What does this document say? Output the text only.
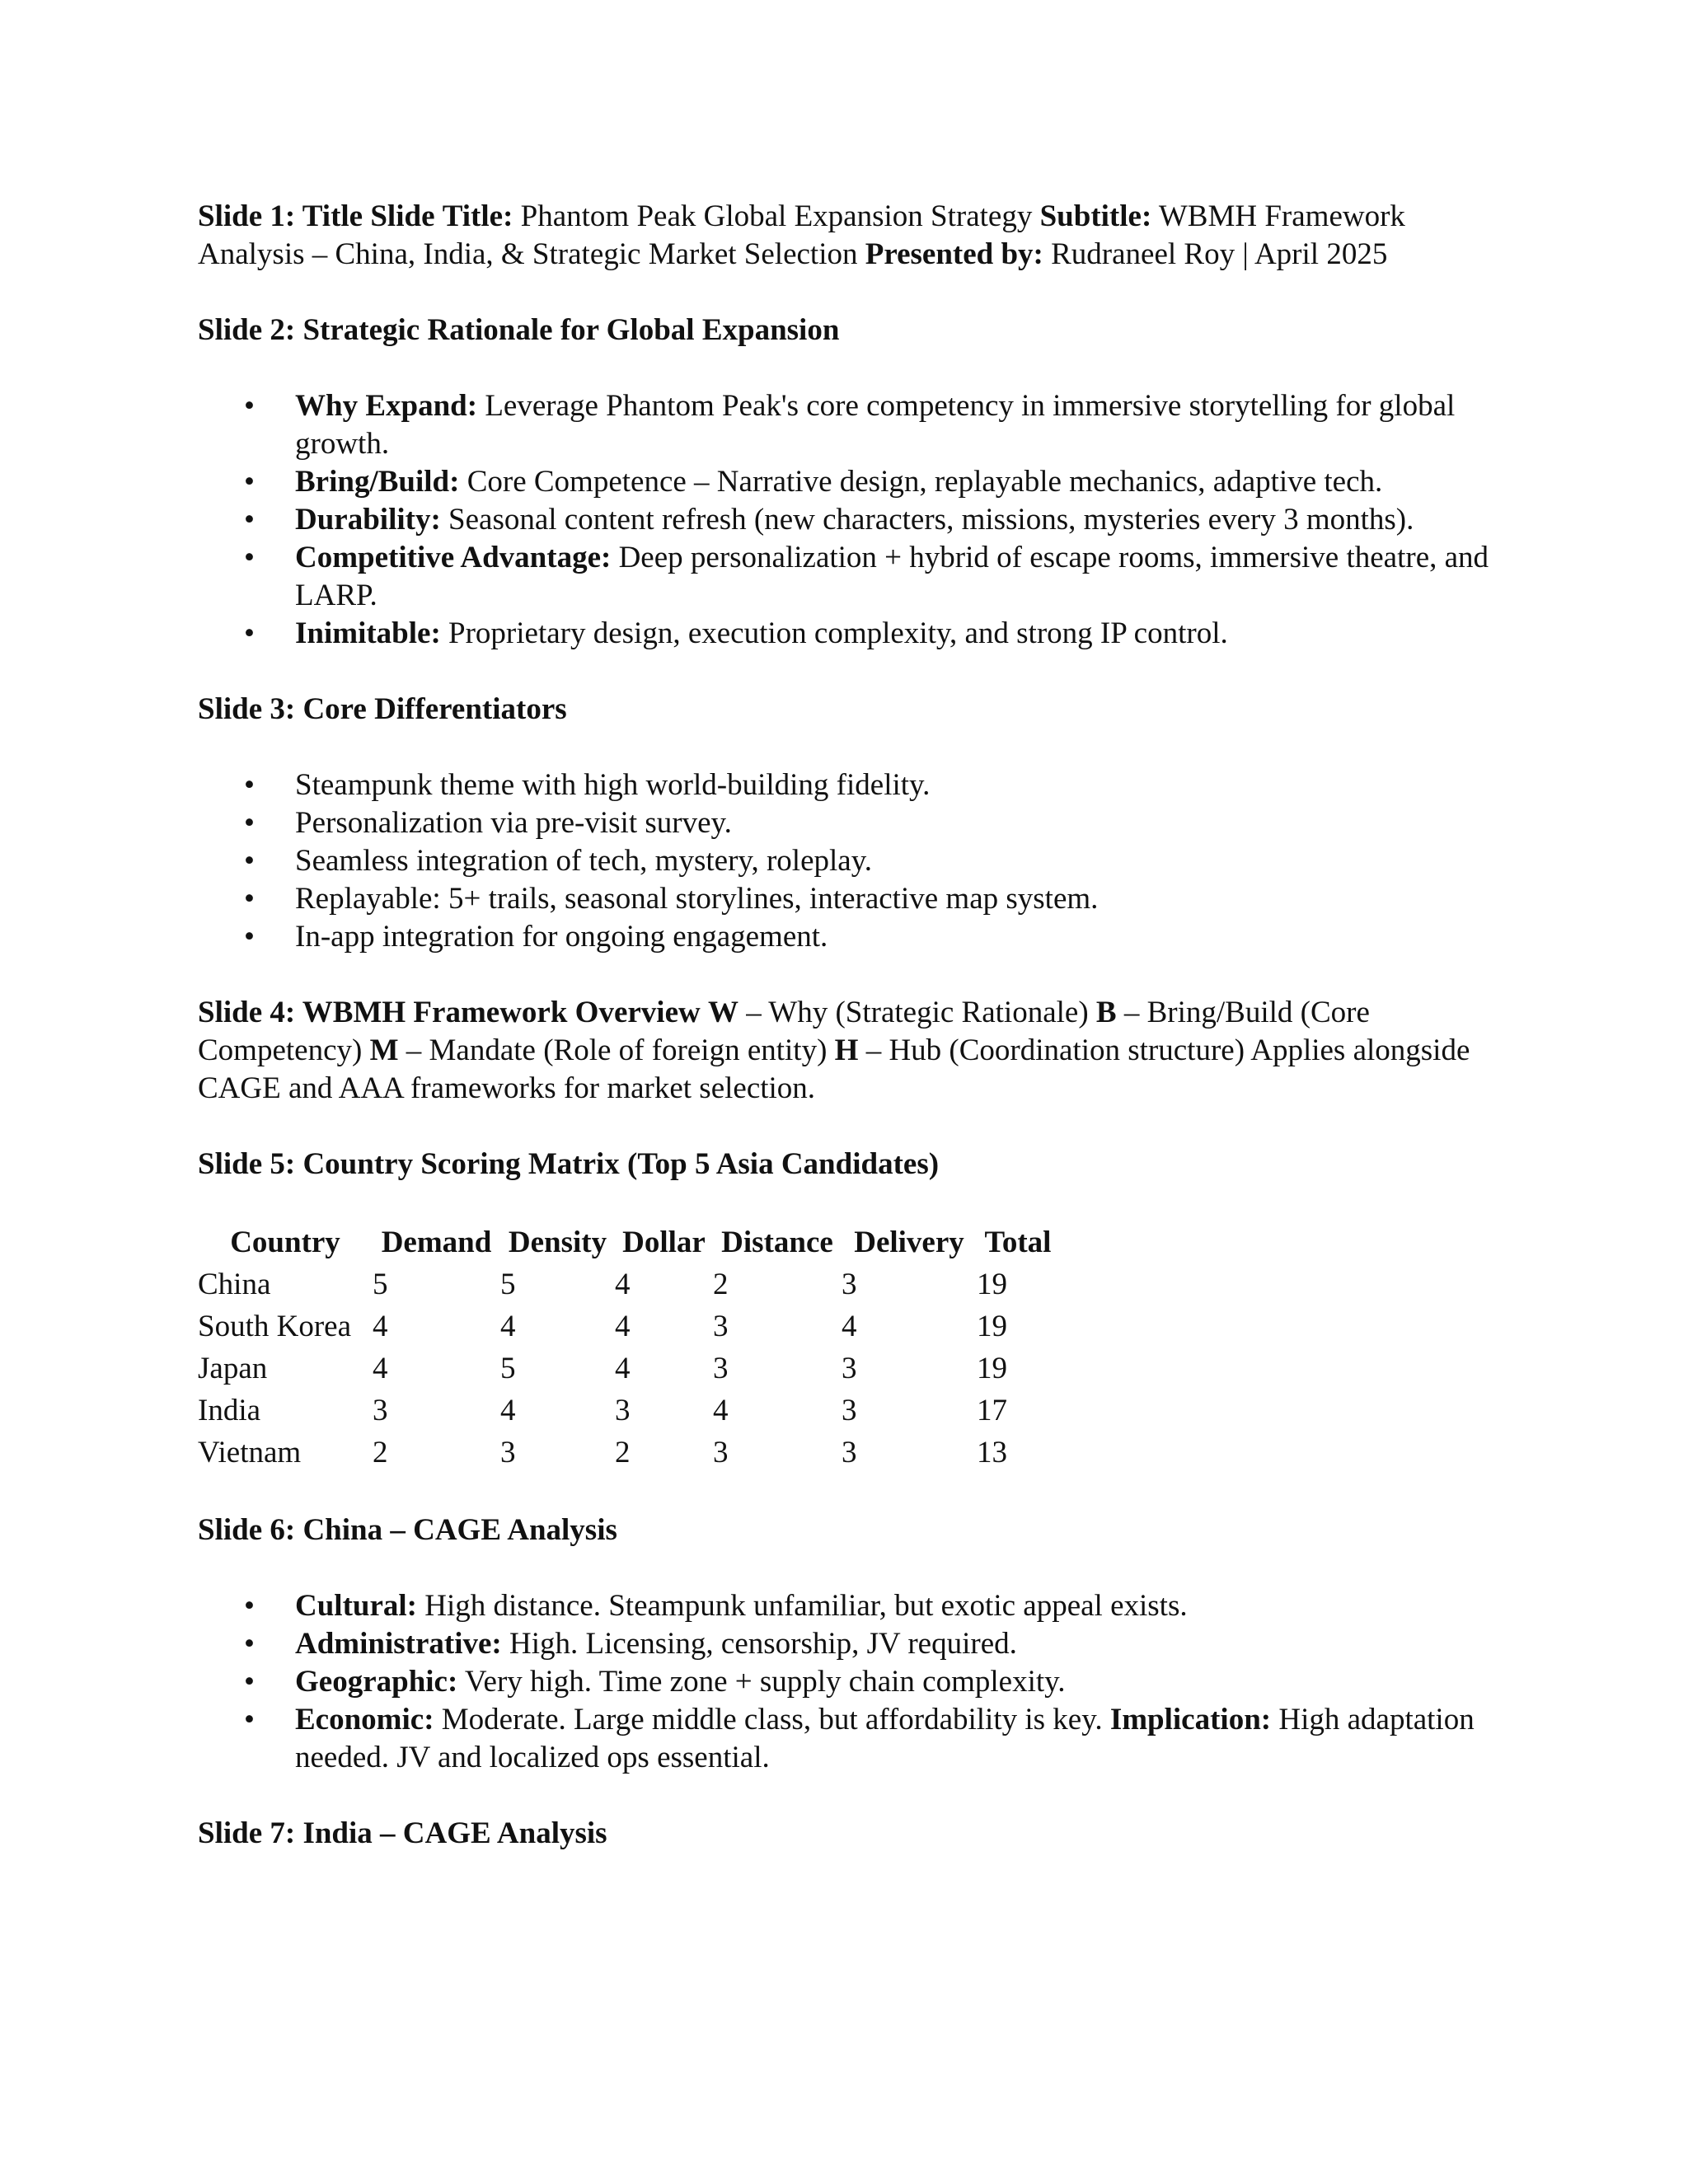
Slide 1: Title Slide Title: Phantom Peak Global Expansion Strategy Subtitle: WBMH Framework Analysis – China, India, & Strategic Market Selection Presented by: Rudraneel Roy | April 2025

Slide 2: Strategic Rationale for Global Expansion

• Why Expand: Leverage Phantom Peak's core competency in immersive storytelling for global growth.
• Bring/Build: Core Competence – Narrative design, replayable mechanics, adaptive tech.
• Durability: Seasonal content refresh (new characters, missions, mysteries every 3 months).
• Competitive Advantage: Deep personalization + hybrid of escape rooms, immersive theatre, and LARP.
• Inimitable: Proprietary design, execution complexity, and strong IP control.

Slide 3: Core Differentiators

• Steampunk theme with high world-building fidelity.
• Personalization via pre-visit survey.
• Seamless integration of tech, mystery, roleplay.
• Replayable: 5+ trails, seasonal storylines, interactive map system.
• In-app integration for ongoing engagement.

Slide 4: WBMH Framework Overview W – Why (Strategic Rationale) B – Bring/Build (Core Competency) M – Mandate (Role of foreign entity) H – Hub (Coordination structure) Applies alongside CAGE and AAA frameworks for market selection.

Slide 5: Country Scoring Matrix (Top 5 Asia Candidates)

Country	Demand	Density	Dollar	Distance	Delivery	Total
China	5	5	4	2	3	19
South Korea	4	4	4	3	4	19
Japan	4	5	4	3	3	19
India	3	4	3	4	3	17
Vietnam	2	3	2	3	3	13

Slide 6: China – CAGE Analysis

• Cultural: High distance. Steampunk unfamiliar, but exotic appeal exists.
• Administrative: High. Licensing, censorship, JV required.
• Geographic: Very high. Time zone + supply chain complexity.
• Economic: Moderate. Large middle class, but affordability is key. Implication: High adaptation needed. JV and localized ops essential.

Slide 7: India – CAGE Analysis
